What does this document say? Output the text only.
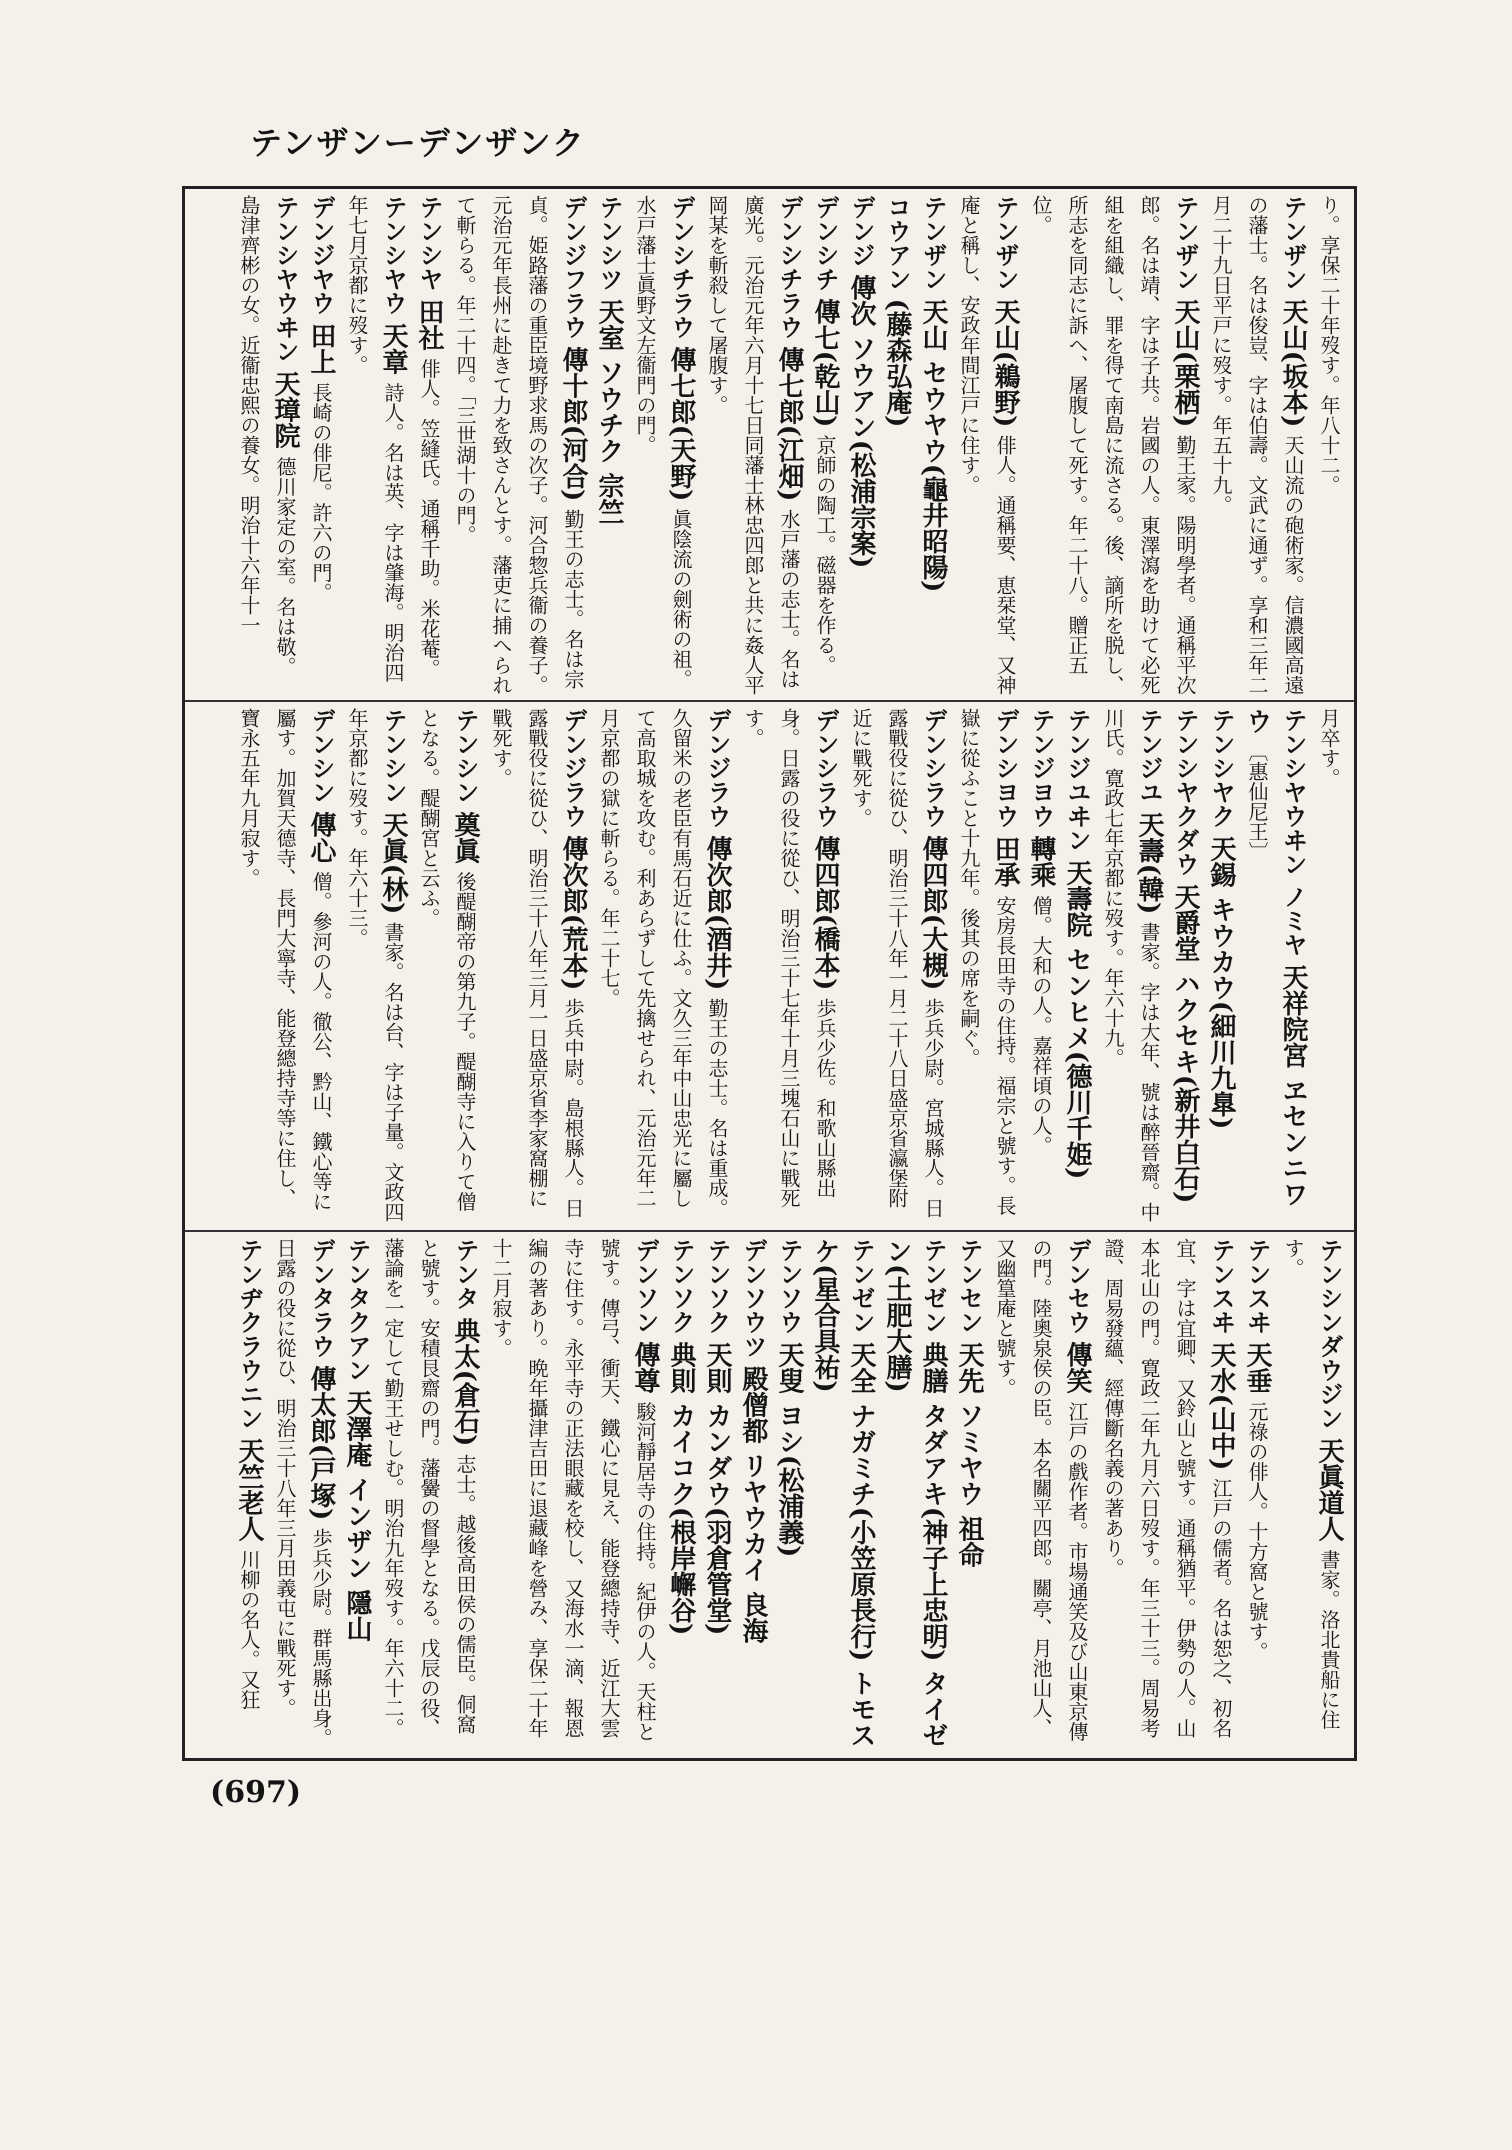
テンザンーデンザンク
り。享保二十年歿す。年八十二。
テンザン 天山(坂本) 天山流の砲術家。信濃國高遠の藩士。名は俊豈、字は伯壽。文武に通ず。享和三年二月二十九日平戸に歿す。年五十九。
テンザン 天山(栗栖) 勤王家。陽明學者。通稱平次郎。名は靖、字は子共。岩國の人。東澤瀉を助けて必死組を組織し、罪を得て南島に流さる。後、謫所を脱し、所志を同志に訴へ、屠腹して死す。年二十八。贈正五位。
テンザン 天山(鵜野) 俳人。通稱要、恵栞堂、又神庵と稱し、安政年間江戸に住す。
テンザン 天山 セウヤウ(龜井昭陽)
コウアン (藤森弘庵)
デンジ 傳次 ソウアン(松浦宗案)
デンシチ 傳七(乾山) 京師の陶工。磁器を作る。
デンシチラウ 傳七郎(江畑) 水戸藩の志士。名は廣光。元治元年六月十七日同藩士林忠四郎と共に姦人平岡某を斬殺して屠腹す。
デンシチラウ 傳七郎(天野) 眞陰流の劍術の祖。水戸藩士眞野文左衞門の門。
テンシツ 天室 ソウチク 宗竺
デンジフラウ 傳十郎(河合) 勤王の志士。名は宗貞。姫路藩の重臣境野求馬の次子。河合惣兵衞の養子。元治元年長州に赴きて力を致さんとす。藩吏に捕へられて斬らる。年二十四。「三世湖十の門。
テンシヤ 田社 俳人。笠縫氏。通稱千助。米花菴。
テンシヤウ 天章 詩人。名は英、字は肇海。明治四年七月京都に歿す。
デンジヤウ 田上 長崎の俳尼。許六の門。
テンシヤウヰン 天璋院 德川家定の室。名は敬。島津齊彬の女。近衞忠熙の養女。明治十六年十一
月卒す。
テンシヤウヰン ノミヤ 天祥院宮 ヱセンニワウ 〔惠仙尼王〕
テンシヤク 天錫 キウカウ(細川九臯)
テンシヤクダウ 天爵堂 ハクセキ(新井白石)
テンジユ 天壽(韓) 書家。字は大年、號は醉晉齋。中川氏。寛政七年京都に歿す。年六十九。
テンジユヰン 天壽院 センヒメ(德川千姫)
テンジヨウ 轉乘 僧。大和の人。嘉祥頃の人。
デンシヨウ 田承 安房長田寺の住持。福宗と號す。長嶽に從ふこと十九年。後其の席を嗣ぐ。
デンシラウ 傳四郎(大槻) 歩兵少尉。宮城縣人。日露戰役に從ひ、明治三十八年一月二十八日盛京省瀛堡附近に戰死す。
デンシラウ 傳四郎(橋本) 歩兵少佐。和歌山縣出身。日露の役に從ひ、明治三十七年十月三塊石山に戰死す。
デンジラウ 傳次郎(酒井) 勤王の志士。名は重成。久留米の老臣有馬石近に仕ふ。文久三年中山忠光に屬して高取城を攻む。利あらずして先擒せられ、元治元年二月京都の獄に斬らる。年二十七。
デンジラウ 傳次郎(荒本) 歩兵中尉。島根縣人。日露戰役に從ひ、明治三十八年三月一日盛京省李家窩棚に戰死す。
テンシン 奠眞 後醍醐帝の第九子。醍醐寺に入りて僧となる。醍醐宮と云ふ。
テンシン 天眞(林) 書家。名は台、字は子量。文政四年京都に歿す。年六十三。
デンシン 傳心 僧。參河の人。徹公、黔山、鐵心等に屬す。加賀天德寺、長門大寧寺、能登總持寺等に住し、寶永五年九月寂す。
テンシンダウジン 天眞道人 書家。洛北貴船に住す。
テンスヰ 天垂 元祿の俳人。十方窩と號す。
テンスヰ 天水(山中) 江戸の儒者。名は恕之、初名宜、字は宜卿、又鈴山と號す。通稱猶平。伊勢の人。山本北山の門。寛政二年九月六日歿す。年三十三。周易考證、周易發蘊、經傳斷名義の著あり。
デンセウ 傳笑 江戸の戲作者。市場通笑及び山東京傳の門。陸奧泉侯の臣。本名關平四郎。關亭、月池山人、又幽篁庵と號す。
テンセン 天先 ソミヤウ 祖命
テンゼン 典膳 タダアキ(神子上忠明) タイゼン(土肥大膳)
テンゼン 天全 ナガミチ(小笠原長行) トモスケ(星合具祐)
テンソウ 天叟 ヨシ(松浦義)
デンソウツ 殿僧都 リヤウカイ 良海
テンソク 天則 カンダウ(羽倉管堂)
テンソク 典則 カイコク(根岸嶰谷)
デンソン 傳尊 駿河靜居寺の住持。紀伊の人。天柱と號す。傳弓、衝天、鐵心に見え、能登總持寺、近江大雲寺に住す。永平寺の正法眼藏を校し、又海水一滴、報恩編の著あり。晩年攝津吉田に退藏峰を營み、享保二十年十二月寂す。
テンタ 典太(倉石) 志士。越後高田侯の儒臣。侗窩と號す。安積艮齋の門。藩黌の督學となる。戊辰の役、藩論を一定して勤王せしむ。明治九年歿す。年六十二。
テンタクアン 天澤庵 インザン 隱山
デンタラウ 傳太郎(戸塚) 歩兵少尉。群馬縣出身。日露の役に從ひ、明治三十八年三月田義屯に戰死す。
テンヂクラウニン 天竺老人 川柳の名人。又狂
(697)
